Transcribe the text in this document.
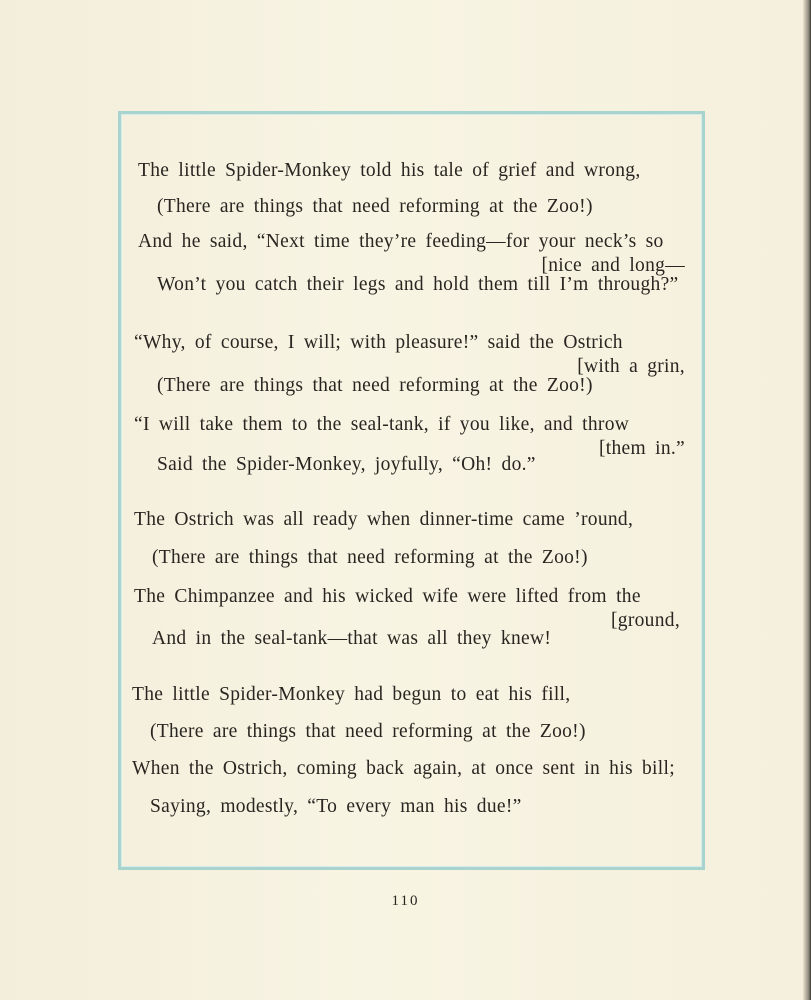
The little Spider-Monkey told his tale of grief and wrong,
(There are things that need reforming at the Zoo!)
And he said, “Next time they’re feeding—for your neck’s so
[nice and long—
Won’t you catch their legs and hold them till I’m through?”
“Why, of course, I will; with pleasure!” said the Ostrich
[with a grin,
(There are things that need reforming at the Zoo!)
“I will take them to the seal-tank, if you like, and throw
[them in.”
Said the Spider-Monkey, joyfully, “Oh! do.”
The Ostrich was all ready when dinner-time came ’round,
(There are things that need reforming at the Zoo!)
The Chimpanzee and his wicked wife were lifted from the
[ground,
And in the seal-tank—that was all they knew!
The little Spider-Monkey had begun to eat his fill,
(There are things that need reforming at the Zoo!)
When the Ostrich, coming back again, at once sent in his bill;
Saying, modestly, “To every man his due!”
110
